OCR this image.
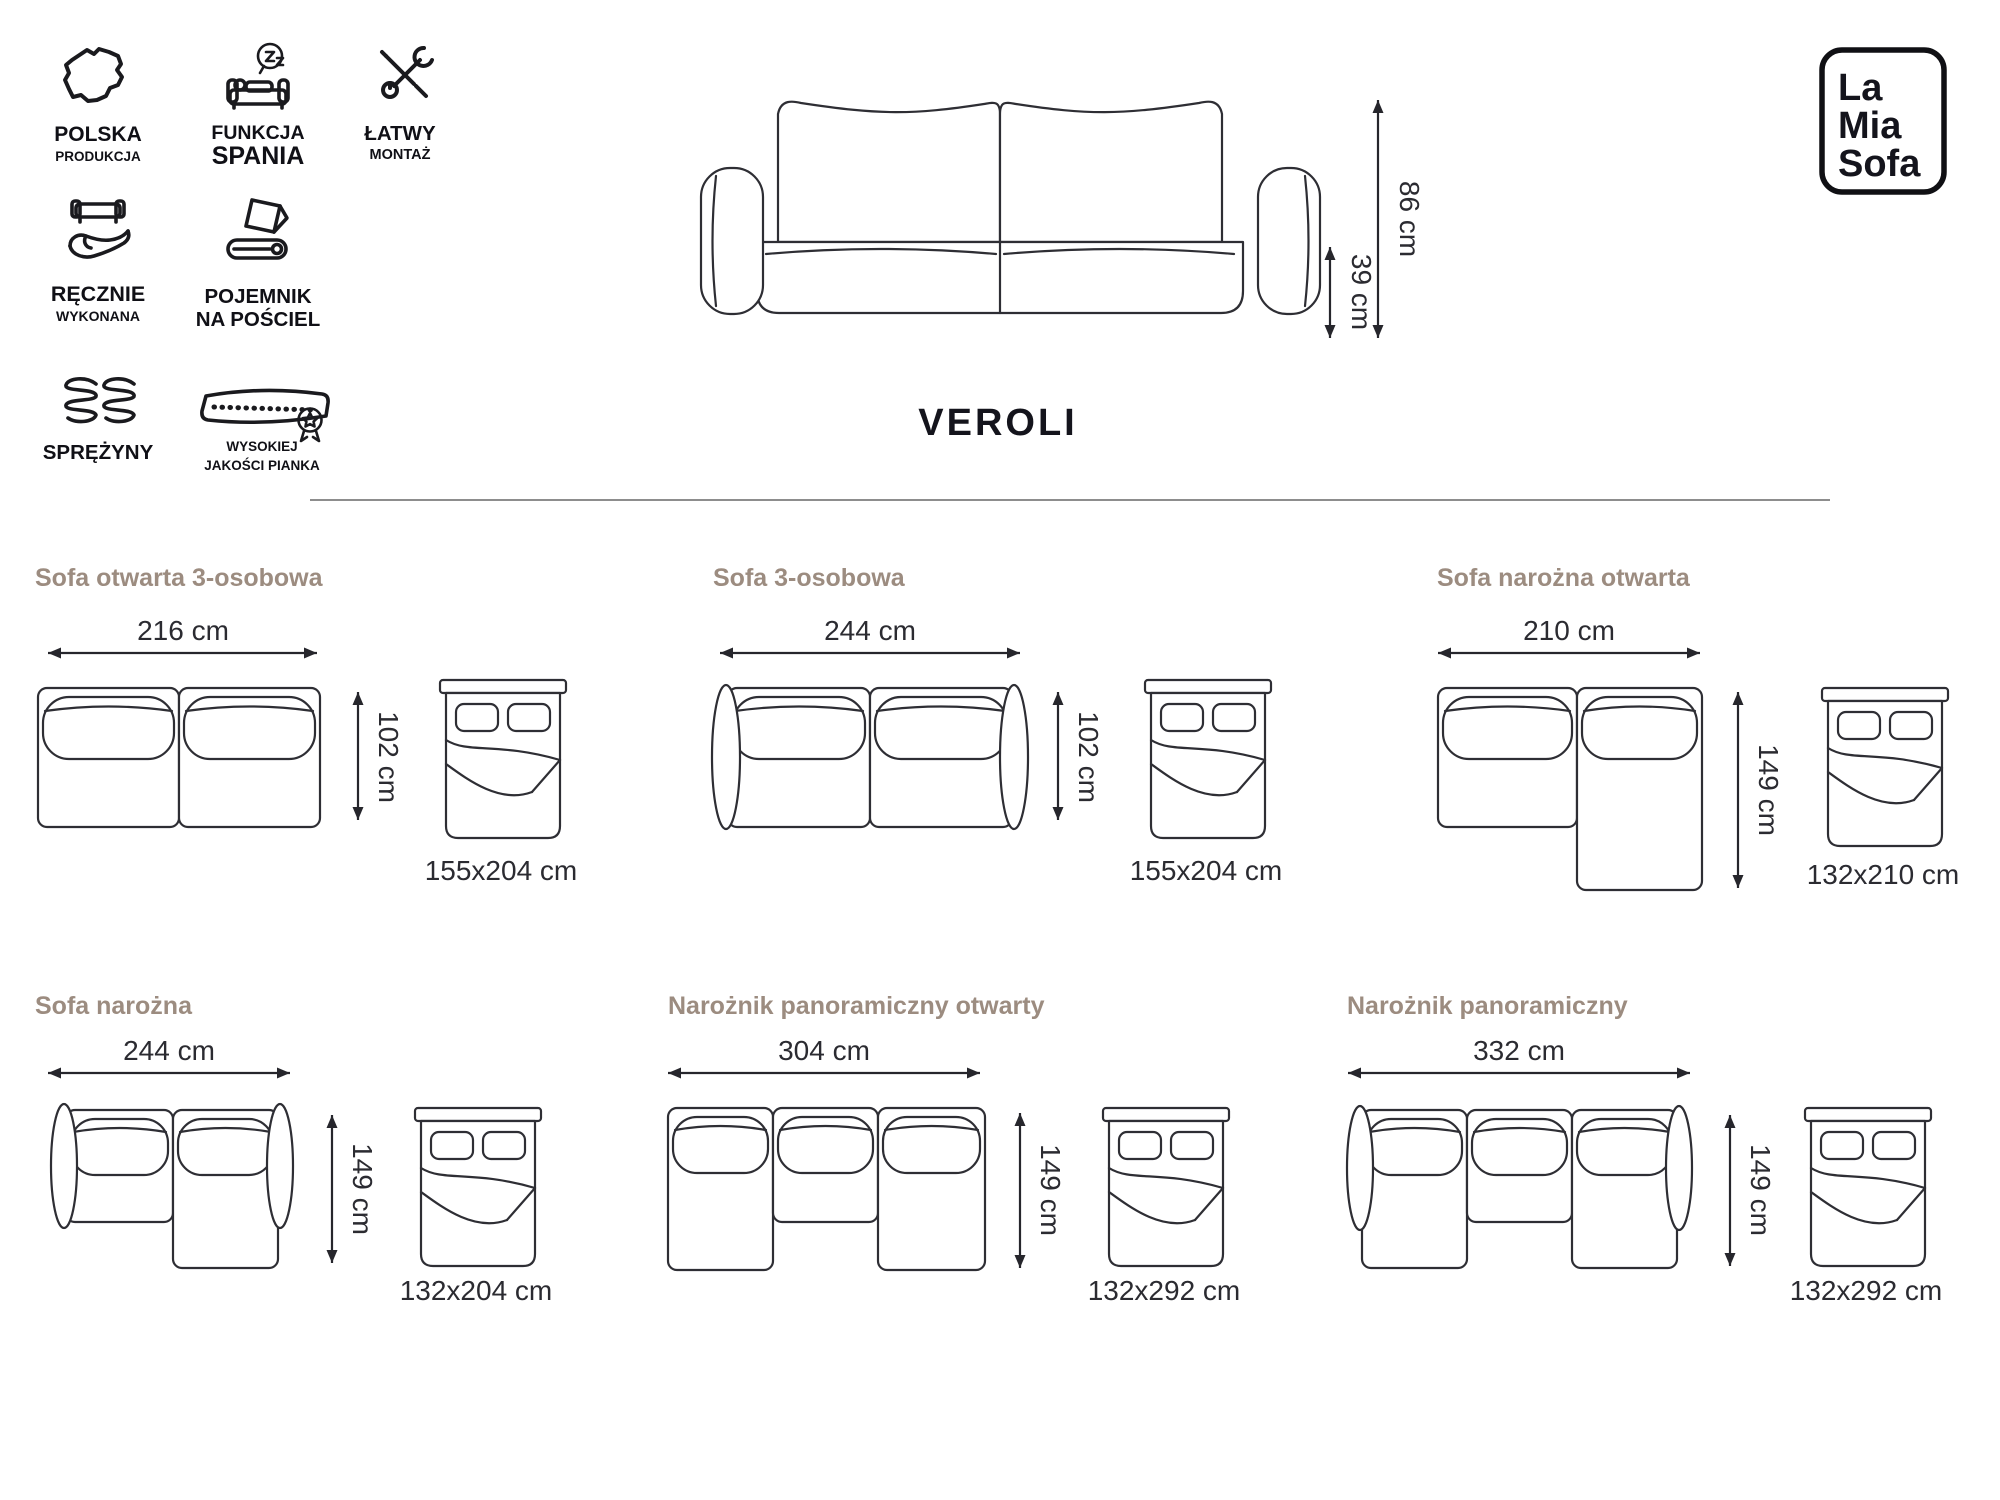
POLSKA
PRODUKCJA
FUNKCJA
SPANIA
ŁATWY
MONTAŻ
RĘCZNIE
WYKONANA
POJEMNIK
NA POŚCIEL
SPRĘŻYNY	WYSOKIEJ
JAKOŚCI PIANKA
86 cm
39 cm
VEROLI
La
Mia
Sofa
Sofa otwarta 3-osobowa
216 cm
102 cm
155x204 cm
Sofa 3-osobowa
244 cm
102 cm
155x204 cm
Sofa narożna otwarta
210 cm
149 cm
132x210 cm
Sofa narożna
244 cm
149 cm
132x204 cm
Narożnik panoramiczny otwarty
304 cm
149 cm
132x292 cm
Narożnik panoramiczny
332 cm
149 cm
132x292 cm
